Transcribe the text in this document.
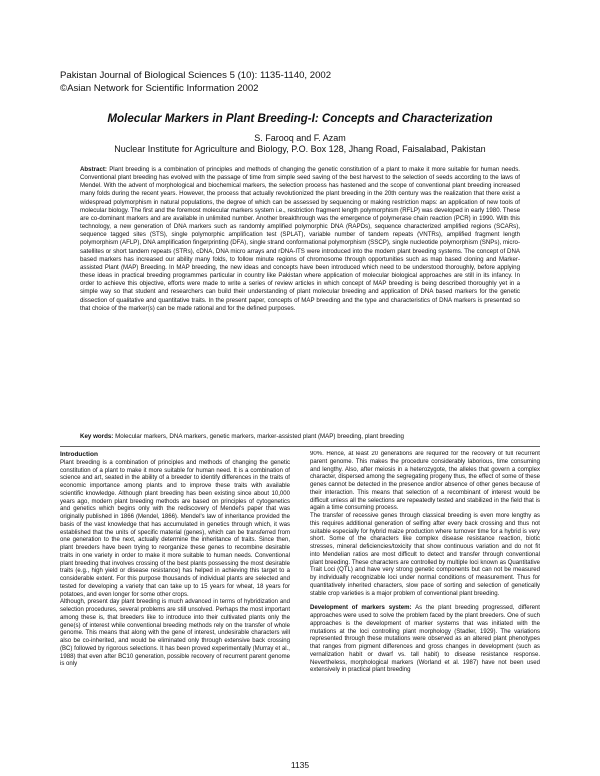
Pakistan Journal of Biological Sciences 5 (10): 1135-1140, 2002
©Asian Network for Scientific Information 2002
Molecular Markers in Plant Breeding-I: Concepts and Characterization
S. Farooq and F. Azam
Nuclear Institute for Agriculture and Biology, P.O. Box 128, Jhang Road, Faisalabad, Pakistan
Abstract: Plant breeding is a combination of principles and methods of changing the genetic constitution of a plant to make it more suitable for human needs. Conventional plant breeding has evolved with the passage of time from simple seed saving of the best harvest to the selection of seeds according to the laws of Mendel. With the advent of morphological and biochemical markers, the selection process has hastened and the scope of conventional plant breeding increased many folds during the recent years. However, the process that actually revolutionized the plant breeding in the 20th century was the realization that there exist a widespread polymorphism in natural populations, the degree of which can be assessed by sequencing or making restriction maps: an application of new tools of molecular biology. The first and the foremost molecular markers system i.e., restriction fragment length polymorphism (RFLP) was developed in early 1980. These are co-dominant markers and are available in unlimited number. Another breakthrough was the emergence of polymerase chain reaction (PCR) in 1990. With this technology, a new generation of DNA markers such as randomly amplified polymorphic DNA (RAPDs), sequence characterized amplified regions (SCARs), sequence tagged sites (STS), single polymorphic amplification test (SPLAT), variable number of tandem repeats (VNTRs), amplified fragment length polymorphism (AFLP), DNA amplification fingerprinting (DFA), single strand conformational polymorphism (SSCP), single nucleotide polymorphism (SNPs), micro-satellites or short tandem repeats (STRs), cDNA, DNA micro arrays and rDNA-ITS were introduced into the modern plant breeding systems. The concept of DNA based markers has increased our ability many folds, to follow minute regions of chromosome through opportunities such as map based cloning and Marker-assisted Plant (MAP) Breeding. In MAP breeding, the new ideas and concepts have been introduced which need to be understood thoroughly, before applying these ideas in practical breeding programmes particular in country like Pakistan where application of molecular biological approaches are still in its infancy. In order to achieve this objective, efforts were made to write a series of review articles in which concept of MAP breeding is being described thoroughly yet in a simple way so that student and researchers can build their understanding of plant molecular breeding and application of DNA based markers for the genetic dissection of qualitative and quantitative traits. In the present paper, concepts of MAP breeding and the type and characteristics of DNA markers is presented so that choice of the marker(s) can be made rational and for the defined purposes.
Key words: Molecular markers, DNA markers, genetic markers, marker-assisted plant (MAP) breeding, plant breeding
Introduction

Plant breeding is a combination of principles and methods of changing the genetic constitution of a plant to make it more suitable for human need. It is a combination of science and art, seated in the ability of a breeder to identify differences in the traits of economic importance among plants and to improve these traits with available scientific knowledge. Although plant breeding has been existing since about 10,000 years ago, modern plant breeding methods are based on principles of cytogenetics and genetics which begins only with the rediscovery of Mendel's paper that was originally published in 1866 (Mendel, 1866). Mendel's law of inheritance provided the basis of the vast knowledge that has accumulated in genetics through which, it was established that the units of specific material (genes), which can be transferred from one generation to the next, actually determine the inheritance of traits. Since then, plant breeders have been trying to reorganize these genes to recombine desirable traits in one variety in order to make it more suitable to human needs. Conventional plant breeding that involves crossing of the best plants possessing the most desirable traits (e.g., high yield or disease resistance) has helped in achieving this target to a considerable extent. For this purpose thousands of individual plants are selected and tested for developing a variety that can take up to 15 years for wheat, 18 years for potatoes, and even longer for some other crops.

Although, present day plant breeding is much advanced in terms of hybridization and selection procedures, several problems are still unsolved. Perhaps the most important among these is, that breeders like to introduce into their cultivated plants only the gene(s) of interest while conventional breeding methods rely on the transfer of whole genome. This means that along with the gene of interest, undesirable characters will also be co-inherited, and would be eliminated only through extensive back crossing (BC) followed by rigorous selections. It has been proved experimentally (Murray et al., 1988) that even after BC10 generation, possible recovery of recurrent parent genome is only

90%. Hence, at least 20 generations are required for the recovery of full recurrent parent genome. This makes the procedure considerably laborious, time consuming and lengthy. Also, after meiosis in a heterozygote, the alleles that govern a complex character, dispersed among the segregating progeny thus, the effect of some of these genes cannot be detected in the presence and/or absence of other genes because of their interaction. This means that selection of a recombinant of interest would be difficult unless all the selections are repeatedly tested and stabilized in the field that is again a time consuming process.

The transfer of recessive genes through classical breeding is even more lengthy as this requires additional generation of selfing after every back crossing and thus not suitable especially for hybrid maize production where turnover time for a hybrid is very short. Some of the characters like complex disease resistance reaction, biotic stresses, mineral deficiencies/toxicity that show continuous variation and do not fit into Mendelian ratios are most difficult to detect and transfer through conventional plant breeding. These characters are controlled by multiple loci known as Quantitative Trait Loci (QTL) and have very strong genetic components but can not be measured by individually recognizable loci under normal conditions of measurement. Thus for quantitatively inherited characters, slow pace of sorting and selection of genetically stable crop varieties is a major problem of conventional plant breeding.

Development of markers system: As the plant breeding progressed, different approaches were used to solve the problem faced by the plant breeders. One of such approaches is the development of marker systems that was initiated with the mutations at the loci controlling plant morphology (Stadler, 1929). The variations represented through these mutations were observed as an altered plant phenotypes that ranges from pigment differences and gross changes in development (such as vernalization habit or dwarf vs. tall habit) to disease resistance response. Nevertheless, morphological markers (Worland et al. 1987) have not been used extensively in practical plant breeding

1135
